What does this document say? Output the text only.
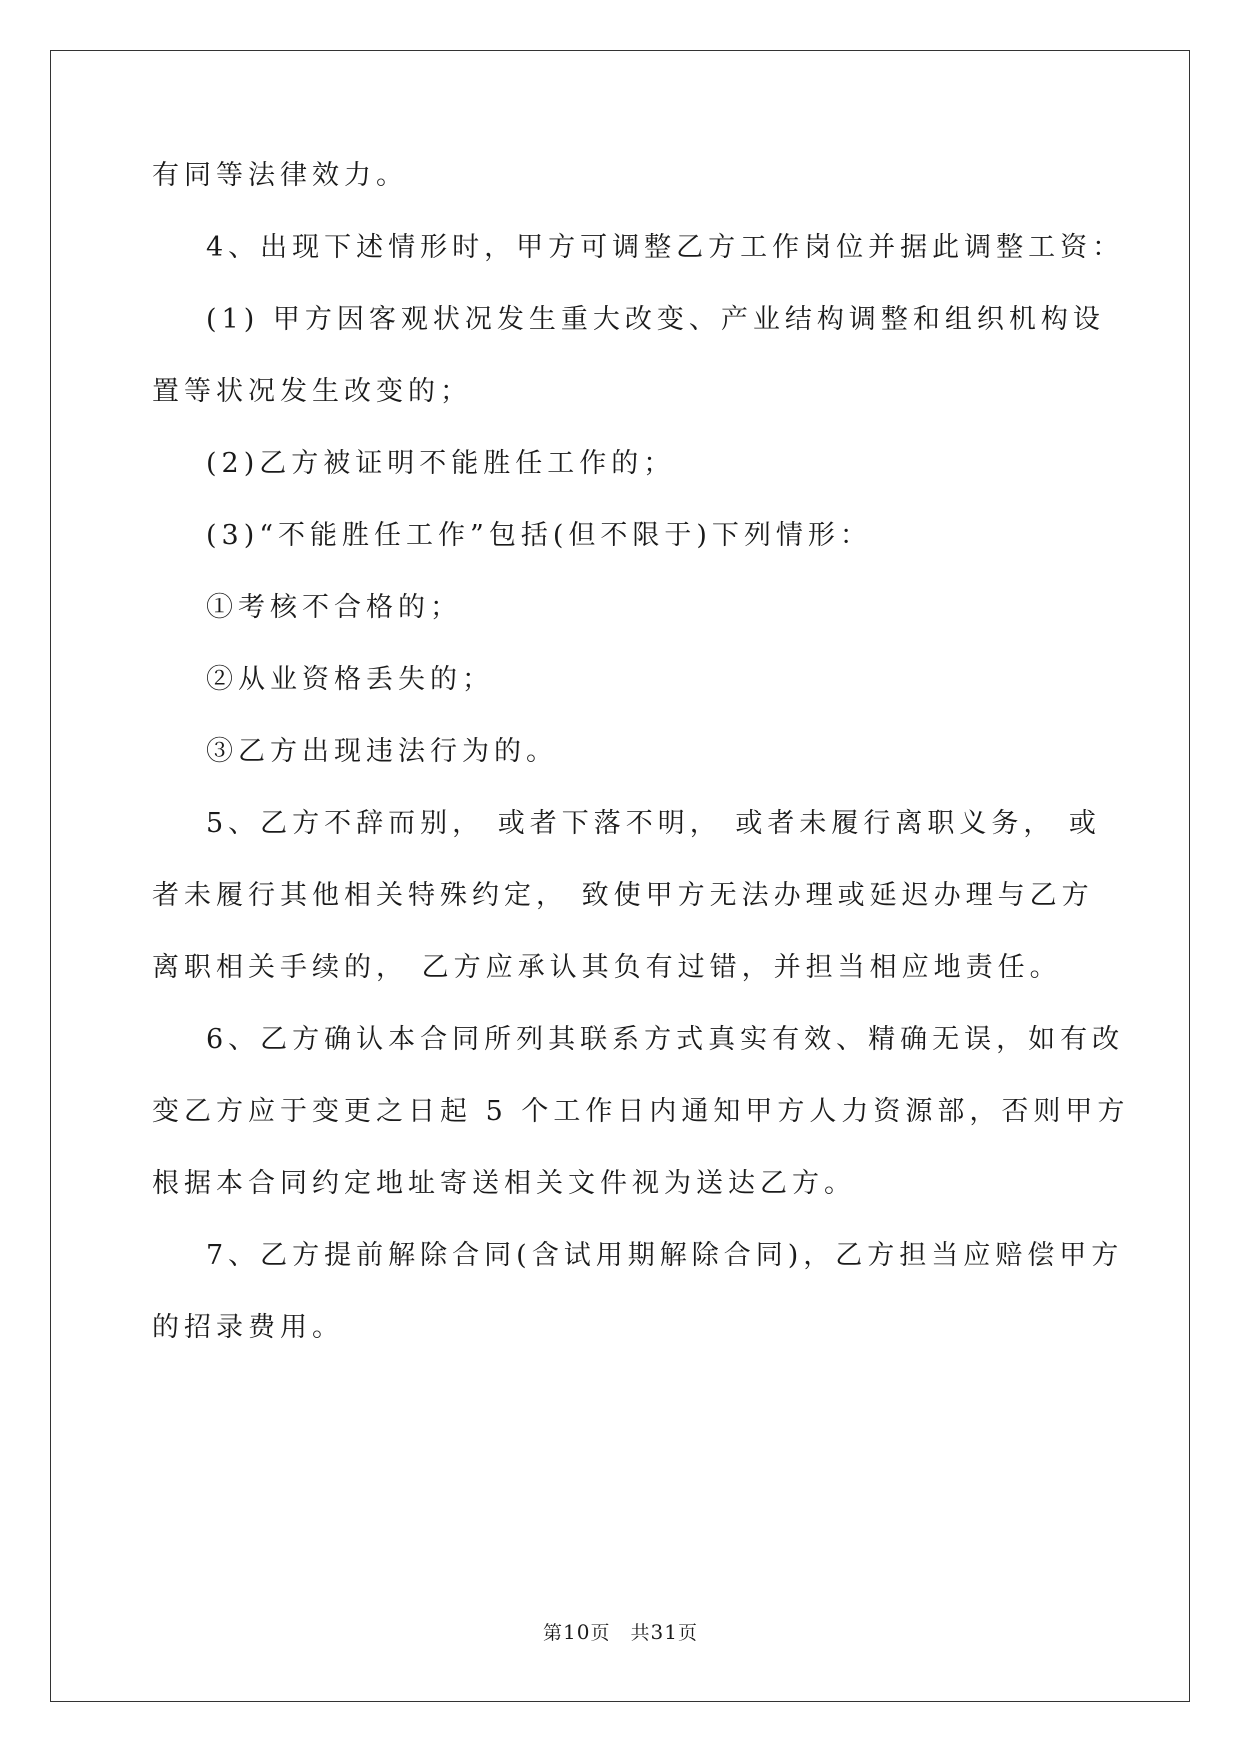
有同等法律效力。

4、出现下述情形时，甲方可调整乙方工作岗位并据此调整工资：

(1) 甲方因客观状况发生重大改变、产业结构调整和组织机构设

置等状况发生改变的；

(2)乙方被证明不能胜任工作的；

(3)“不能胜任工作”包括(但不限于)下列情形：

①考核不合格的；

②从业资格丢失的；

③乙方出现违法行为的。

5、乙方不辞而别， 或者下落不明， 或者未履行离职义务， 或

者未履行其他相关特殊约定， 致使甲方无法办理或延迟办理与乙方

离职相关手续的， 乙方应承认其负有过错，并担当相应地责任。

6、乙方确认本合同所列其联系方式真实有效、精确无误，如有改

变乙方应于变更之日起 5 个工作日内通知甲方人力资源部，否则甲方

根据本合同约定地址寄送相关文件视为送达乙方。

7、乙方提前解除合同(含试用期解除合同)，乙方担当应赔偿甲方

的招录费用。

第10页　共31页
